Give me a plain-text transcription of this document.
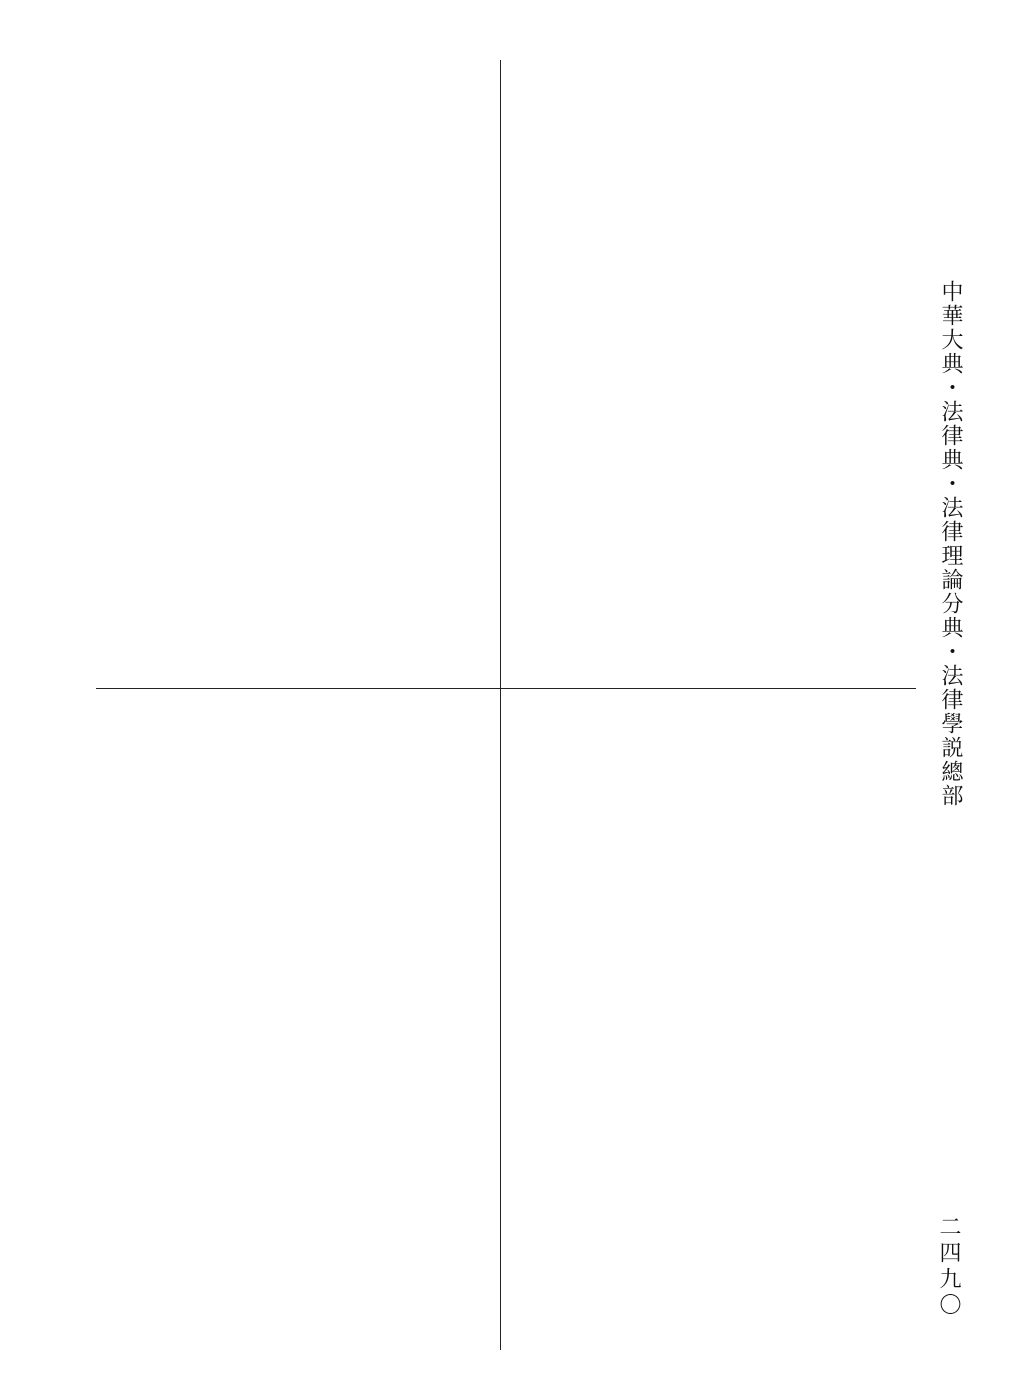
中華大典・法律典・法律理論分典・法律學説總部
二四九〇
